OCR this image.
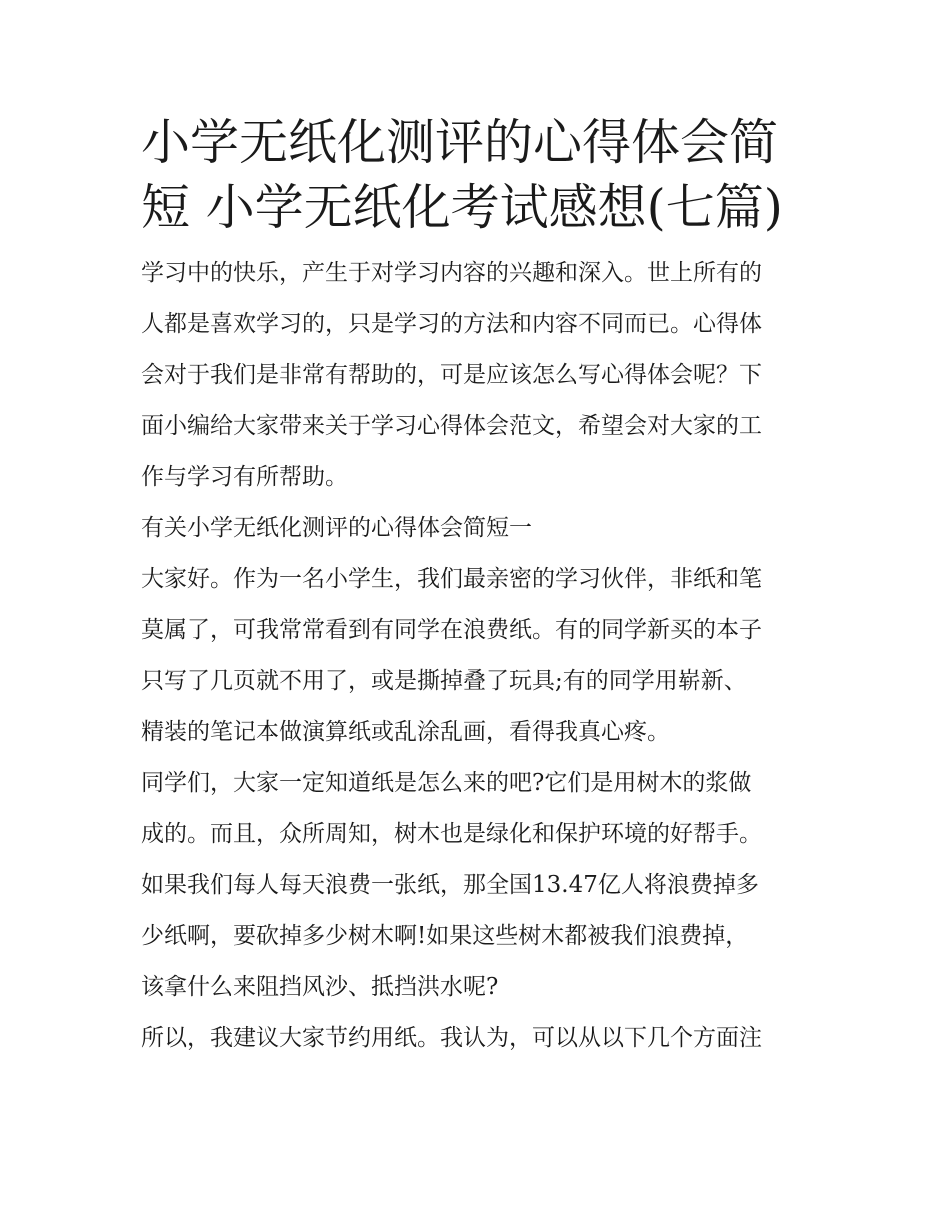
小学无纸化测评的心得体会简
短 小学无纸化考试感想(七篇)
学习中的快乐，产生于对学习内容的兴趣和深入。世上所有的
人都是喜欢学习的，只是学习的方法和内容不同而已。心得体
会对于我们是非常有帮助的，可是应该怎么写心得体会呢？下
面小编给大家带来关于学习心得体会范文，希望会对大家的工
作与学习有所帮助。
有关小学无纸化测评的心得体会简短一
大家好。作为一名小学生，我们最亲密的学习伙伴，非纸和笔
莫属了，可我常常看到有同学在浪费纸。有的同学新买的本子
只写了几页就不用了，或是撕掉叠了玩具;有的同学用崭新、
精装的笔记本做演算纸或乱涂乱画，看得我真心疼。
同学们，大家一定知道纸是怎么来的吧?它们是用树木的浆做
成的。而且，众所周知，树木也是绿化和保护环境的好帮手。
如果我们每人每天浪费一张纸，那全国13.47亿人将浪费掉多
少纸啊，要砍掉多少树木啊!如果这些树木都被我们浪费掉，
该拿什么来阻挡风沙、抵挡洪水呢?
所以，我建议大家节约用纸。我认为，可以从以下几个方面注
